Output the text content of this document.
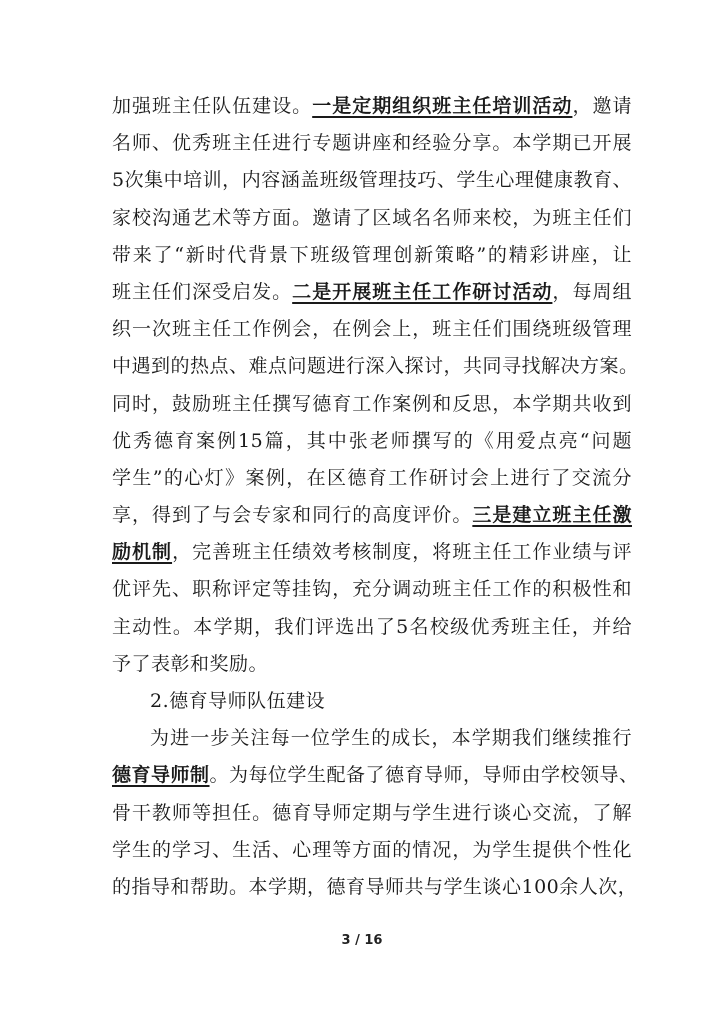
加强班主任队伍建设。一是定期组织班主任培训活动，邀请
名师、优秀班主任进行专题讲座和经验分享。本学期已开展
5次集中培训，内容涵盖班级管理技巧、学生心理健康教育、
家校沟通艺术等方面。邀请了区域名名师来校，为班主任们
带来了“新时代背景下班级管理创新策略”的精彩讲座，让
班主任们深受启发。二是开展班主任工作研讨活动，每周组
织一次班主任工作例会，在例会上，班主任们围绕班级管理
中遇到的热点、难点问题进行深入探讨，共同寻找解决方案。
同时，鼓励班主任撰写德育工作案例和反思，本学期共收到
优秀德育案例15篇，其中张老师撰写的《用爱点亮“问题
学生”的心灯》案例，在区德育工作研讨会上进行了交流分
享，得到了与会专家和同行的高度评价。三是建立班主任激
励机制，完善班主任绩效考核制度，将班主任工作业绩与评
优评先、职称评定等挂钩，充分调动班主任工作的积极性和
主动性。本学期，我们评选出了5名校级优秀班主任，并给
予了表彰和奖励。
2.德育导师队伍建设
为进一步关注每一位学生的成长，本学期我们继续推行
德育导师制。为每位学生配备了德育导师，导师由学校领导、
骨干教师等担任。德育导师定期与学生进行谈心交流，了解
学生的学习、生活、心理等方面的情况，为学生提供个性化
的指导和帮助。本学期，德育导师共与学生谈心100余人次，
3 / 16
